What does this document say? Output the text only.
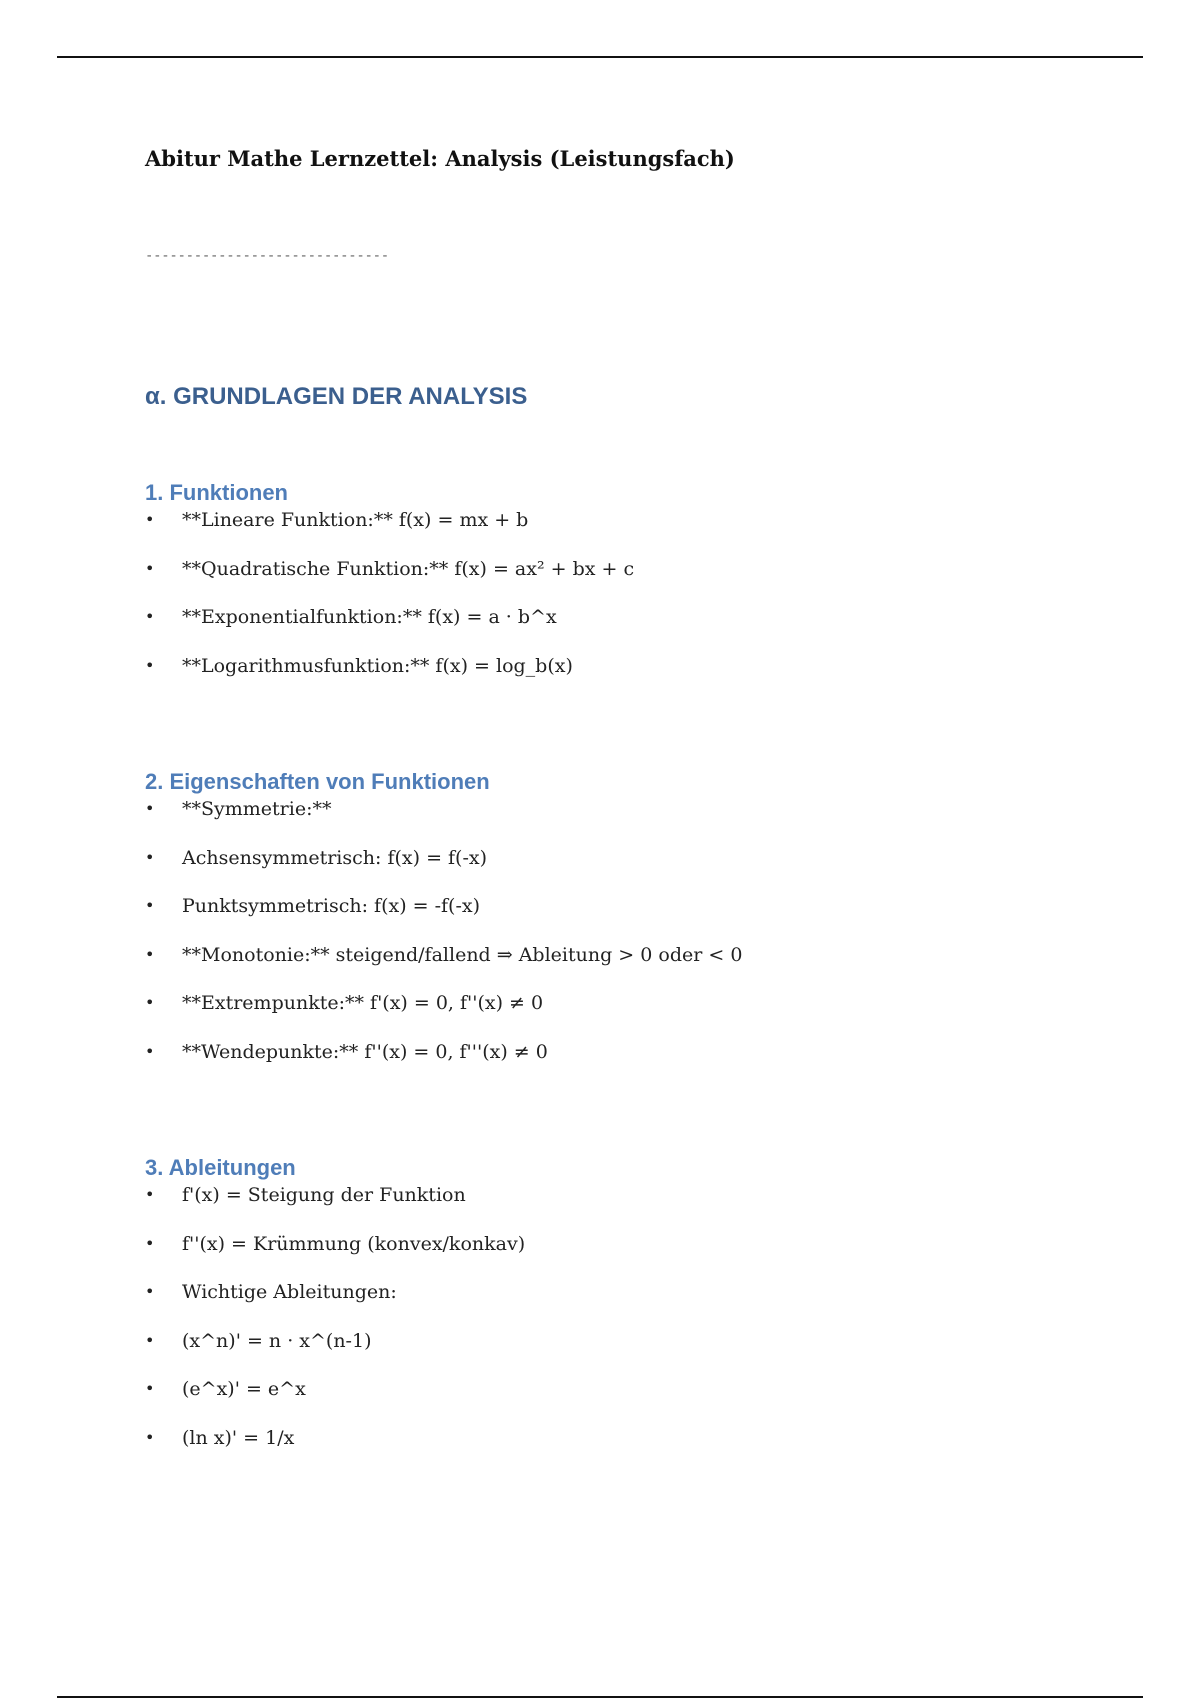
Abitur Mathe Lernzettel: Analysis (Leistungsfach)
------------------------------
α. GRUNDLAGEN DER ANALYSIS
1. Funktionen
• **Lineare Funktion:** f(x) = mx + b
• **Quadratische Funktion:** f(x) = ax² + bx + c
• **Exponentialfunktion:** f(x) = a · b^x
• **Logarithmusfunktion:** f(x) = log_b(x)
2. Eigenschaften von Funktionen
• **Symmetrie:**
• Achsensymmetrisch: f(x) = f(-x)
• Punktsymmetrisch: f(x) = -f(-x)
• **Monotonie:** steigend/fallend ⇒ Ableitung > 0 oder < 0
• **Extrempunkte:** f'(x) = 0, f''(x) ≠ 0
• **Wendepunkte:** f''(x) = 0, f'''(x) ≠ 0
3. Ableitungen
• f'(x) = Steigung der Funktion
• f''(x) = Krümmung (konvex/konkav)
• Wichtige Ableitungen:
• (x^n)' = n · x^(n-1)
• (e^x)' = e^x
• (ln x)' = 1/x
